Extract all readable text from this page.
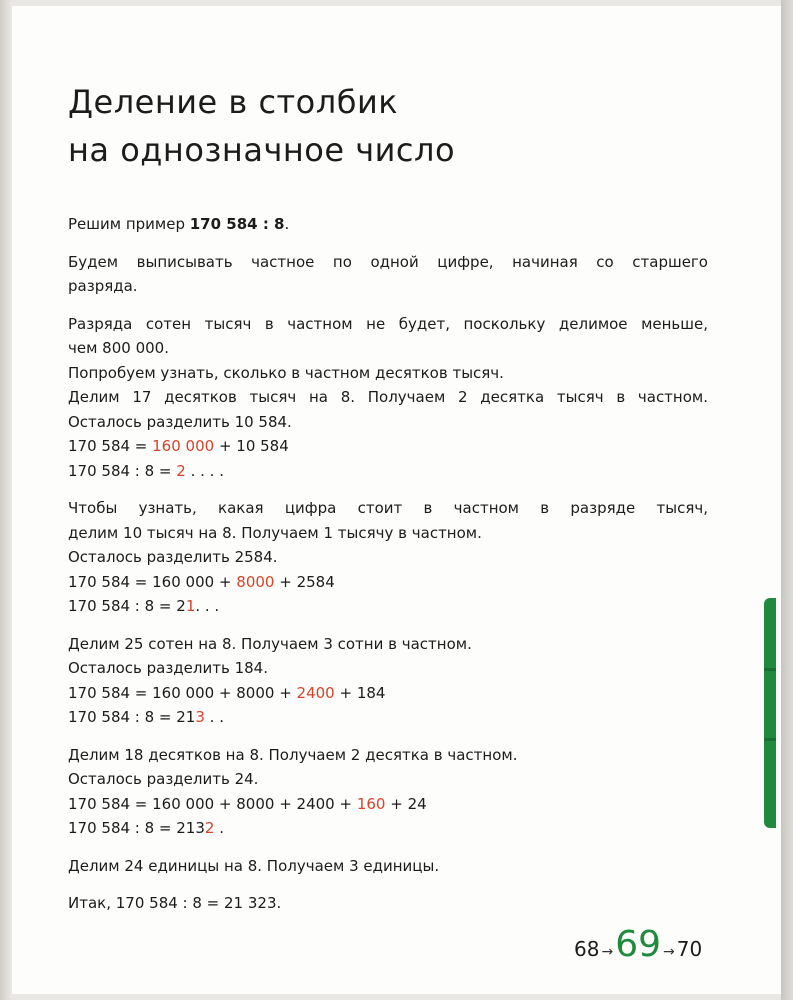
Деление в столбик
на однозначное число

Решим пример 170 584 : 8.

Будем выписывать частное по одной цифре, начиная со старшего
разряда.

Разряда сотен тысяч в частном не будет, поскольку делимое меньше,
чем 800 000.
Попробуем узнать, сколько в частном десятков тысяч.
Делим 17 десятков тысяч на 8. Получаем 2 десятка тысяч в частном.
Осталось разделить 10 584.
170 584 = 160 000 + 10 584
170 584 : 8 = 2 . . . .

Чтобы узнать, какая цифра стоит в частном в разряде тысяч,
делим 10 тысяч на 8. Получаем 1 тысячу в частном.
Осталось разделить 2584.
170 584 = 160 000 + 8000 + 2584
170 584 : 8 = 21. . .

Делим 25 сотен на 8. Получаем 3 сотни в частном.
Осталось разделить 184.
170 584 = 160 000 + 8000 + 2400 + 184
170 584 : 8 = 213 . .

Делим 18 десятков на 8. Получаем 2 десятка в частном.
Осталось разделить 24.
170 584 = 160 000 + 8000 + 2400 + 160 + 24
170 584 : 8 = 2132 .

Делим 24 единицы на 8. Получаем 3 единицы.

Итак, 170 584 : 8 = 21 323.

68 → 69 → 70
